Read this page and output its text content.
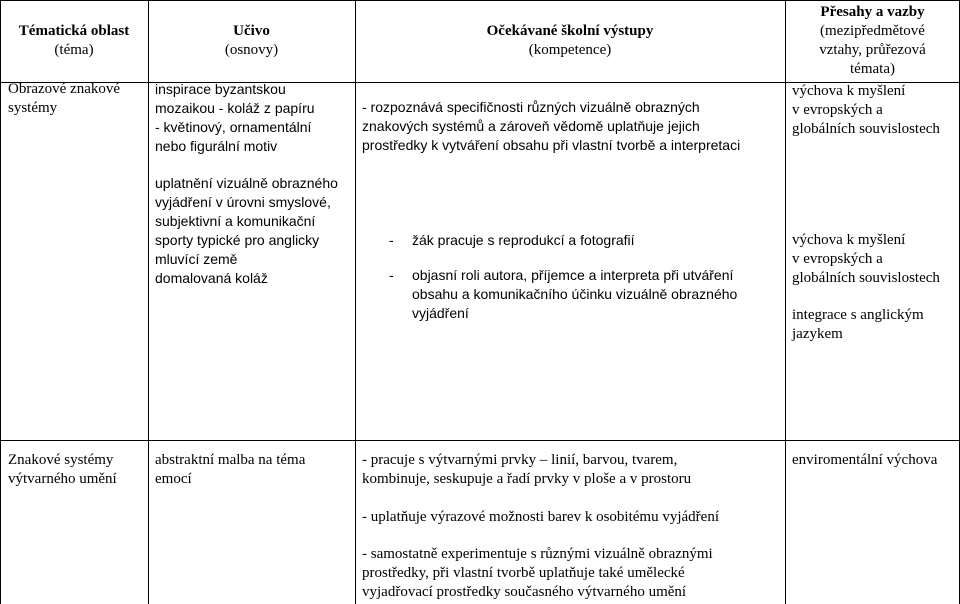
Tématická oblast
(téma)
Učivo
(osnovy)
Očekávané školní výstupy
(kompetence)
Přesahy a vazby
(mezipředmětové
vztahy, průřezová
témata)
Obrazové znakové
systémy
inspirace byzantskou
mozaikou - koláž z papíru
- květinový, ornamentální
nebo figurální motiv
- rozpoznává specifičnosti různých vizuálně obrazných
znakových systémů a zároveň vědomě uplatňuje jejich
prostředky k vytváření obsahu při vlastní tvorbě a interpretaci
výchova k myšlení
v evropských a
globálních souvislostech
uplatnění vizuálně obrazného
vyjádření v úrovni smyslové,
subjektivní a komunikační
sporty typické pro anglicky
mluvící země
domalovaná koláž
- žák pracuje s reprodukcí a fotografií
- objasní roli autora, příjemce a interpreta při utváření
obsahu a komunikačního účinku vizuálně obrazného
vyjádření
výchova k myšlení
v evropských a
globálních souvislostech
integrace s anglickým
jazykem
Znakové systémy
výtvarného umění
abstraktní malba na téma
emocí
- pracuje s výtvarnými prvky – linií, barvou, tvarem,
kombinuje, seskupuje a řadí prvky v ploše a v prostoru
- uplatňuje výrazové možnosti barev k osobitému vyjádření
- samostatně experimentuje s různými vizuálně obraznými
prostředky, při vlastní tvorbě uplatňuje také umělecké
vyjadřovací prostředky současného výtvarného umění
enviromentální výchova
